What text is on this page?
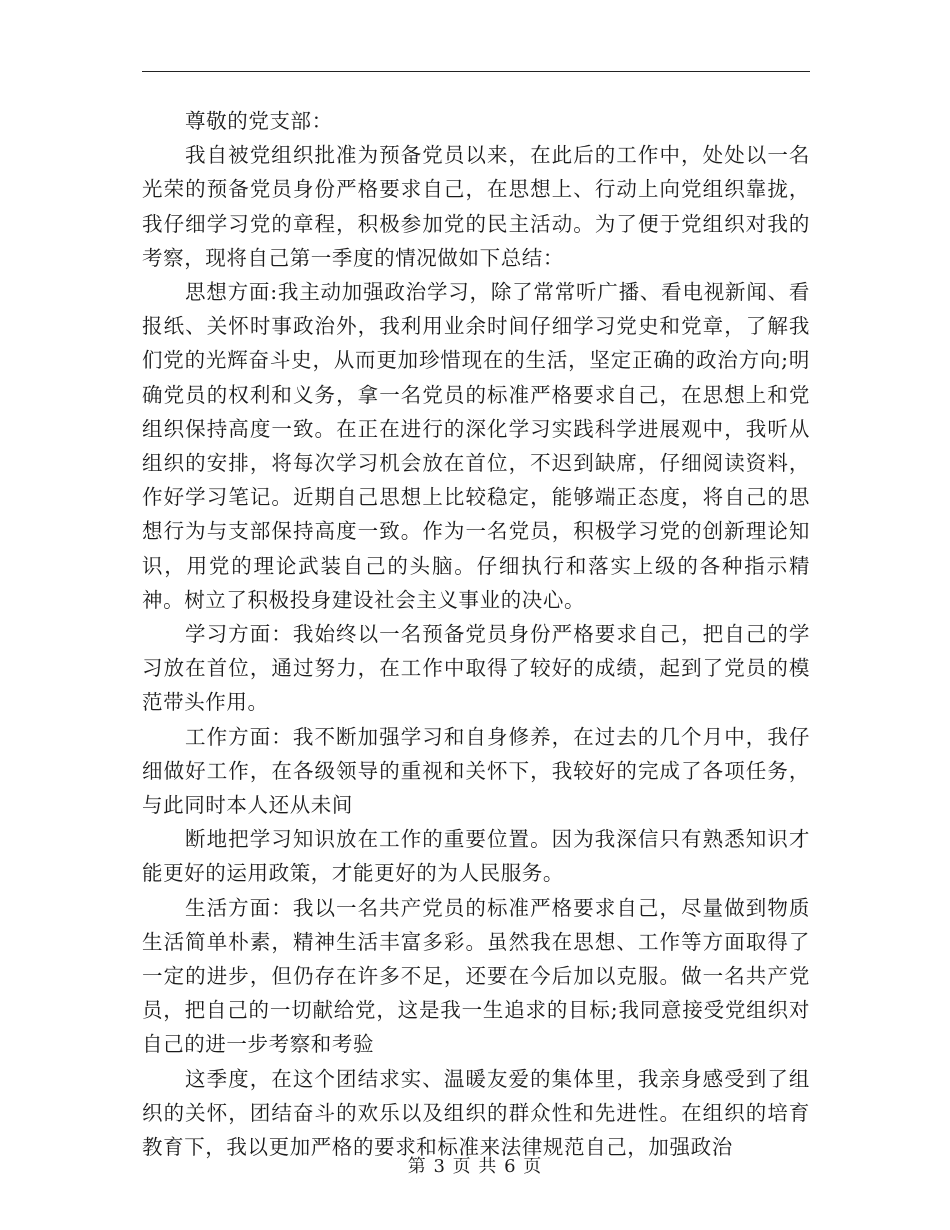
尊敬的党支部：

我自被党组织批准为预备党员以来，在此后的工作中，处处以一名光荣的预备党员身份严格要求自己，在思想上、行动上向党组织靠拢，我仔细学习党的章程，积极参加党的民主活动。为了便于党组织对我的考察，现将自己第一季度的情况做如下总结：

思想方面:我主动加强政治学习，除了常常听广播、看电视新闻、看报纸、关怀时事政治外，我利用业余时间仔细学习党史和党章，了解我们党的光辉奋斗史，从而更加珍惜现在的生活，坚定正确的政治方向;明确党员的权利和义务，拿一名党员的标准严格要求自己，在思想上和党组织保持高度一致。在正在进行的深化学习实践科学进展观中，我听从组织的安排，将每次学习机会放在首位，不迟到缺席，仔细阅读资料，作好学习笔记。近期自己思想上比较稳定，能够端正态度，将自己的思想行为与支部保持高度一致。作为一名党员，积极学习党的创新理论知识，用党的理论武装自己的头脑。仔细执行和落实上级的各种指示精神。树立了积极投身建设社会主义事业的决心。

学习方面：我始终以一名预备党员身份严格要求自己，把自己的学习放在首位，通过努力，在工作中取得了较好的成绩，起到了党员的模范带头作用。

工作方面：我不断加强学习和自身修养，在过去的几个月中，我仔细做好工作，在各级领导的重视和关怀下，我较好的完成了各项任务，与此同时本人还从未间

断地把学习知识放在工作的重要位置。因为我深信只有熟悉知识才能更好的运用政策，才能更好的为人民服务。

生活方面：我以一名共产党员的标准严格要求自己，尽量做到物质生活简单朴素，精神生活丰富多彩。虽然我在思想、工作等方面取得了一定的进步，但仍存在许多不足，还要在今后加以克服。做一名共产党员，把自己的一切献给党，这是我一生追求的目标;我同意接受党组织对自己的进一步考察和考验

这季度，在这个团结求实、温暖友爱的集体里，我亲身感受到了组织的关怀，团结奋斗的欢乐以及组织的群众性和先进性。在组织的培育教育下，我以更加严格的要求和标准来法律规范自己，加强政治

第 3 页 共 6 页
